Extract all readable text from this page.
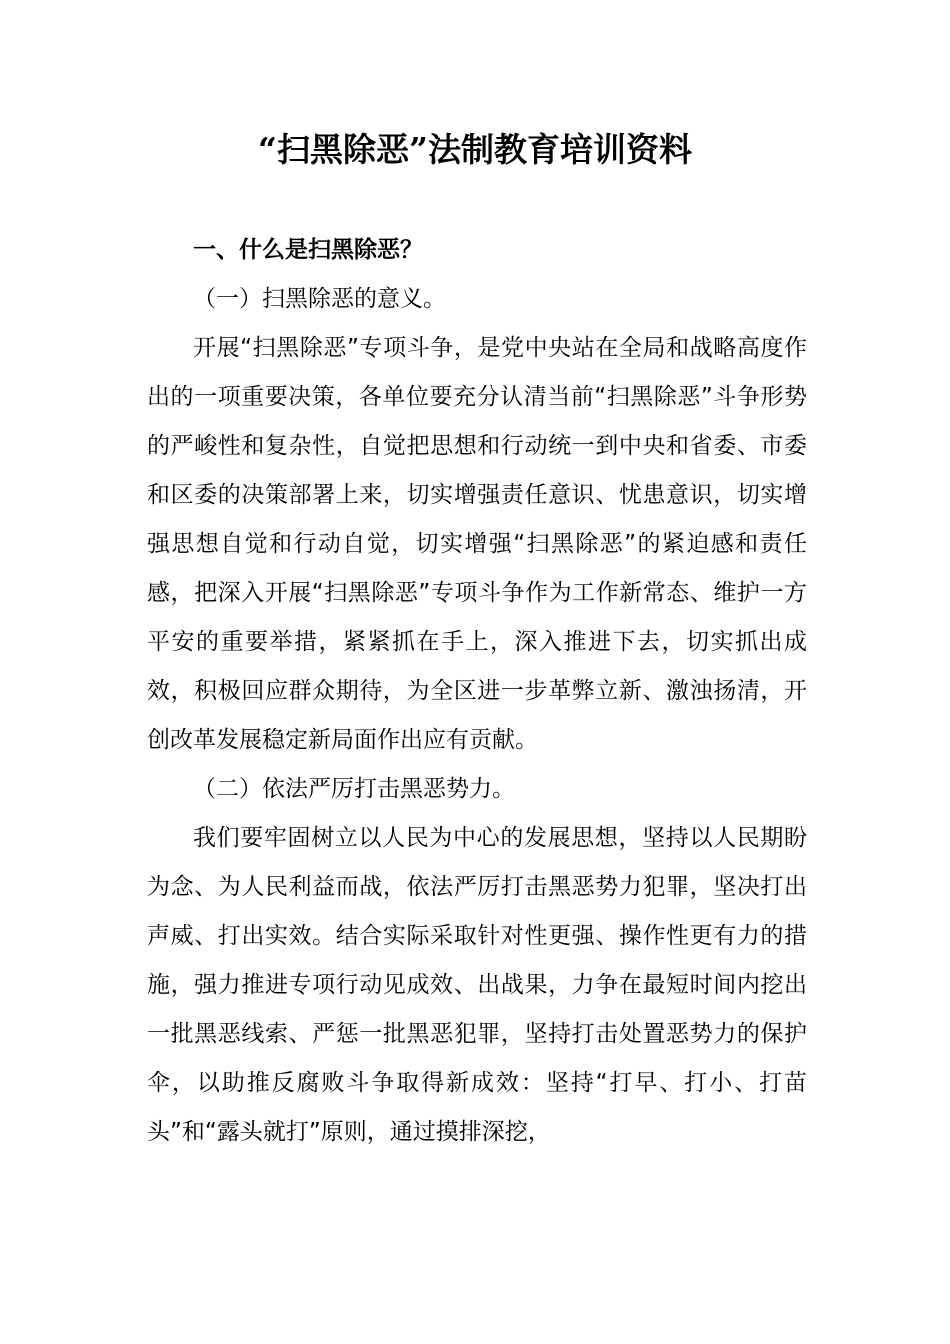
“扫黑除恶”法制教育培训资料

一、什么是扫黑除恶？

（一）扫黑除恶的意义。

开展“扫黑除恶”专项斗争，是党中央站在全局和战略高度作出的一项重要决策，各单位要充分认清当前“扫黑除恶”斗争形势的严峻性和复杂性，自觉把思想和行动统一到中央和省委、市委和区委的决策部署上来，切实增强责任意识、忧患意识，切实增强思想自觉和行动自觉，切实增强“扫黑除恶”的紧迫感和责任感，把深入开展“扫黑除恶”专项斗争作为工作新常态、维护一方平安的重要举措，紧紧抓在手上，深入推进下去，切实抓出成效，积极回应群众期待，为全区进一步革弊立新、激浊扬清，开创改革发展稳定新局面作出应有贡献。

（二）依法严厉打击黑恶势力。

我们要牢固树立以人民为中心的发展思想，坚持以人民期盼为念、为人民利益而战，依法严厉打击黑恶势力犯罪，坚决打出声威、打出实效。结合实际采取针对性更强、操作性更有力的措施，强力推进专项行动见成效、出战果，力争在最短时间内挖出一批黑恶线索、严惩一批黑恶犯罪，坚持打击处置恶势力的保护伞，以助推反腐败斗争取得新成效：坚持“打早、打小、打苗头”和“露头就打”原则，通过摸排深挖，
